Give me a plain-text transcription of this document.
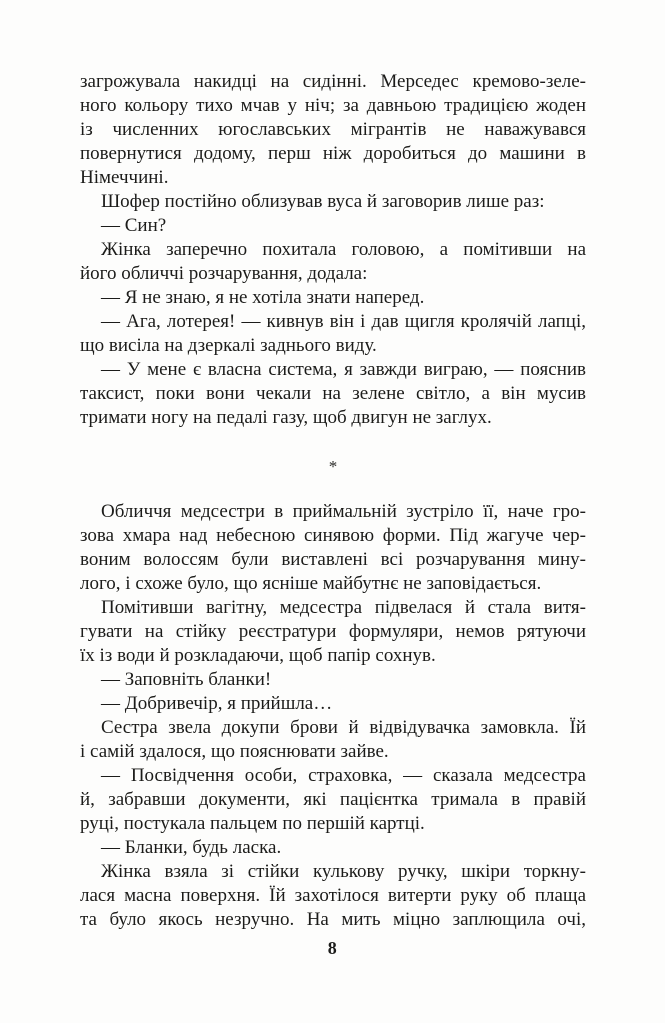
загрожувала накидці на сидінні. Мерседес кремово-зеле-
ного кольору тихо мчав у ніч; за давньою традицією жоден
із численних югославських мігрантів не наважувався
повернутися додому, перш ніж доробиться до машини в
Німеччині.
Шофер постійно облизував вуса й заговорив лише раз:
— Син?
Жінка заперечно похитала головою, а помітивши на
його обличчі розчарування, додала:
— Я не знаю, я не хотіла знати наперед.
— Ага, лотерея! — кивнув він і дав щигля кролячій лапці,
що висіла на дзеркалі заднього виду.
— У мене є власна система, я завжди виграю, — пояснив
таксист, поки вони чекали на зелене світло, а він мусив
тримати ногу на педалі газу, щоб двигун не заглух.
*
Обличчя медсестри в приймальній зустріло її, наче гро-
зова хмара над небесною синявою форми. Під жагуче чер-
воним волоссям були виставлені всі розчарування мину-
лого, і схоже було, що ясніше майбутнє не заповідається.
Помітивши вагітну, медсестра підвелася й стала витя-
гувати на стійку реєстратури формуляри, немов рятуючи
їх із води й розкладаючи, щоб папір сохнув.
— Заповніть бланки!
— Добривечір, я прийшла…
Сестра звела докупи брови й відвідувачка замовкла. Їй
і самій здалося, що пояснювати зайве.
— Посвідчення особи, страховка, — сказала медсестра
й, забравши документи, які пацієнтка тримала в правій
руці, постукала пальцем по першій картці.
— Бланки, будь ласка.
Жінка взяла зі стійки кулькову ручку, шкіри торкну-
лася масна поверхня. Їй захотілося витерти руку об плаща
та було якось незручно. На мить міцно заплющила очі,
8
